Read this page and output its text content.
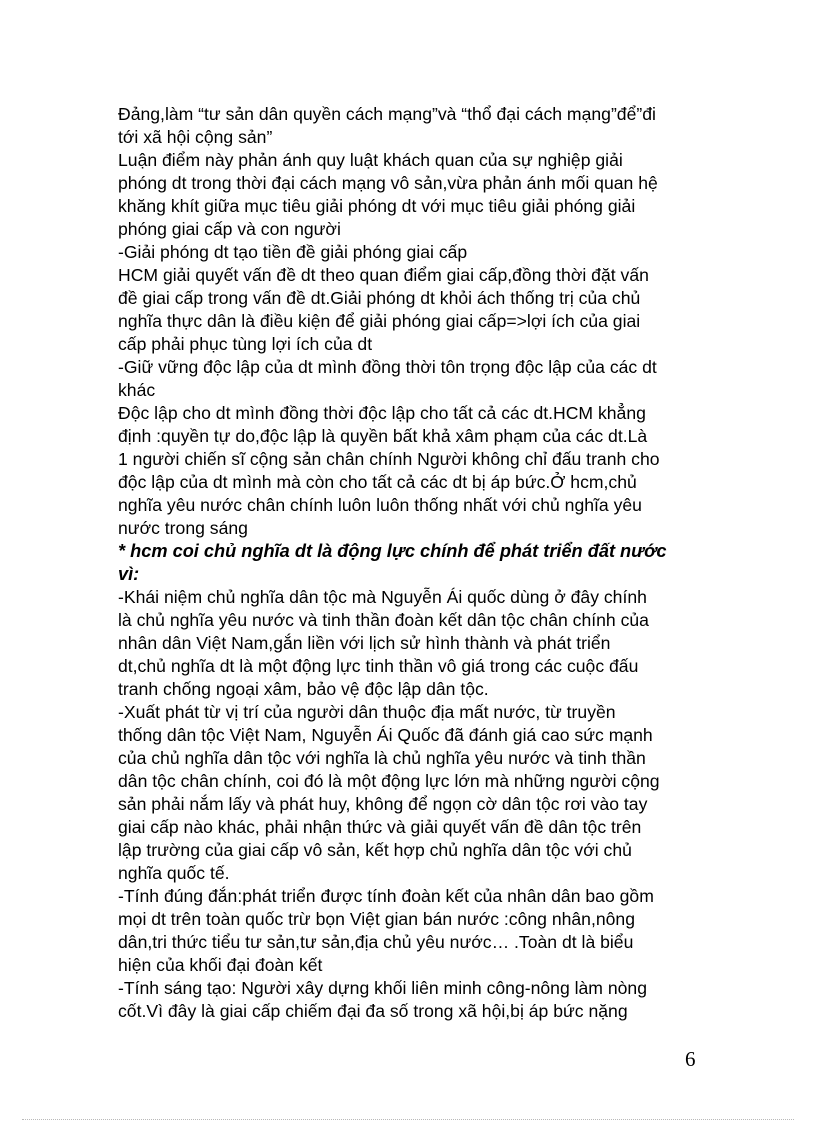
Đảng,làm “tư sản dân quyền cách mạng”và “thổ đại cách mạng”để”đi
tới xã hội cộng sản”
Luận điểm này phản ánh quy luật khách quan của sự nghiệp giải
phóng dt trong thời đại cách mạng vô sản,vừa phản ánh mối quan hệ
khăng khít giữa mục tiêu giải phóng dt với mục tiêu giải phóng giải
phóng giai cấp và con người
-Giải phóng dt tạo tiền đề giải phóng giai cấp
HCM giải quyết vấn đề dt theo quan điểm giai cấp,đồng thời đặt vấn
đề giai cấp trong vấn đề dt.Giải phóng dt khỏi ách thống trị của chủ
nghĩa thực dân là điều kiện để giải phóng giai cấp=>lợi ích của giai
cấp phải phục tùng lợi ích của dt
-Giữ vững độc lập của dt mình đồng thời tôn trọng độc lập của các dt
khác
Độc lập cho dt mình đồng thời độc lập cho tất cả các dt.HCM khẳng
định :quyền tự do,độc lập là quyền bất khả xâm phạm của các dt.Là
1 người chiến sĩ cộng sản chân chính Người không chỉ đấu tranh cho
độc lập của dt mình mà còn cho tất cả các dt bị áp bức.Ở hcm,chủ
nghĩa yêu nước chân chính luôn luôn thống nhất với chủ nghĩa yêu
nước trong sáng
* hcm coi chủ nghĩa dt là động lực chính để phát triển đất nước
vì:
-Khái niệm chủ nghĩa dân tộc mà Nguyễn Ái quốc dùng ở đây chính
là chủ nghĩa yêu nước và tinh thần đoàn kết dân tộc chân chính của
nhân dân Việt Nam,gắn liền với lịch sử hình thành và phát triển
dt,chủ nghĩa dt là một động lực tinh thần vô giá trong các cuộc đấu
tranh chống ngoại xâm, bảo vệ độc lập dân tộc.
-Xuất phát từ vị trí của người dân thuộc địa mất nước, từ truyền
thống dân tộc Việt Nam, Nguyễn Ái Quốc đã đánh giá cao sức mạnh
của chủ nghĩa dân tộc với nghĩa là chủ nghĩa yêu nước và tinh thần
dân tộc chân chính, coi đó là một động lực lớn mà những người cộng
sản phải nắm lấy và phát huy, không để ngọn cờ dân tộc rơi vào tay
giai cấp nào khác, phải nhận thức và giải quyết vấn đề dân tộc trên
lập trường của giai cấp vô sản, kết hợp chủ nghĩa dân tộc với chủ
nghĩa quốc tế.
-Tính đúng đắn:phát triển được tính đoàn kết của nhân dân bao gồm
mọi dt trên toàn quốc trừ bọn Việt gian bán nước :công nhân,nông
dân,tri thức tiểu tư sản,tư sản,địa chủ yêu nước… .Toàn dt là biểu
hiện của khối đại đoàn kết
-Tính sáng tạo: Người xây dựng khối liên minh công-nông làm nòng
cốt.Vì đây là giai cấp chiếm đại đa số trong xã hội,bị áp bức nặng
6
